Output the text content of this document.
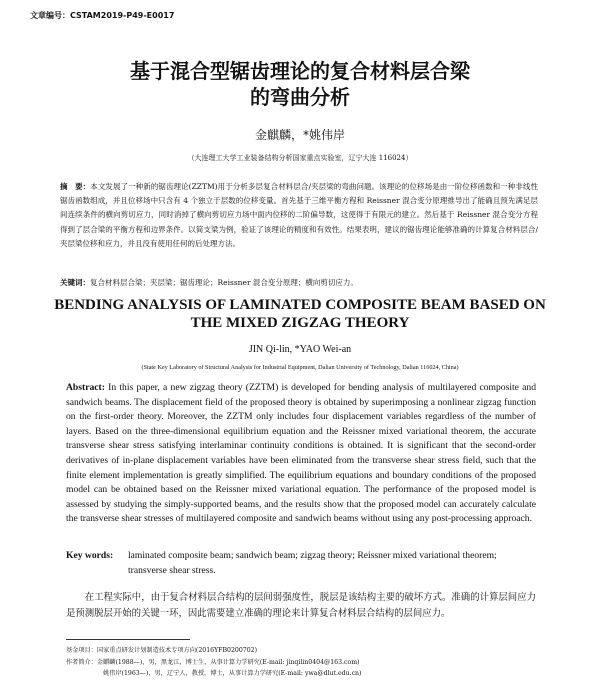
文章编号：CSTAM2019-P49-E0017
基于混合型锯齿理论的复合材料层合梁
的弯曲分析
金麒麟，*姚伟岸
（大连理工大学工业装备结构分析国家重点实验室，辽宁大连 116024）
摘　要：本文发展了一种新的锯齿理论(ZZTM)用于分析多层复合材料层合/夹层梁的弯曲问题。该理论的位移场是由一阶位移函数和一种非线性锯齿函数组成，并且位移场中只含有 4 个独立于层数的位移变量。首先基于三维平衡方程和 Reissner 混合变分原理推导出了能确且预先满足层间连续条件的横向剪切应力，同时消掉了横向剪切应力场中面内位移的二阶偏导数，这使得于有限元的建立。然后基于 Reissner 混合变分方程得到了层合梁的平衡方程和边界条件。以简支梁为例，验证了该理论的精度和有效性。结果表明，建议的锯齿理论能够准确的计算复合材料层合/夹层梁位移和应力，并且没有使用任何的后处理方法。
关键词：复合材料层合梁；夹层梁；锯齿理论；Reissner 混合变分原理；横向剪切应力。
BENDING ANALYSIS OF LAMINATED COMPOSITE BEAM BASED ON
THE MIXED ZIGZAG THEORY
JIN Qi-lin, *YAO Wei-an
(State Key Laboratory of Structural Analysis for Industrial Equipment, Dalian University of Technology, Dalian 116024, China)
Abstract: In this paper, a new zigzag theory (ZZTM) is developed for bending analysis of multilayered composite and sandwich beams. The displacement field of the proposed theory is obtained by superimposing a nonlinear zigzag function on the first-order theory. Moreover, the ZZTM only includes four displacement variables regardless of the number of layers. Based on the three-dimensional equilibrium equation and the Reissner mixed variational theorem, the accurate transverse shear stress satisfying interlaminar continuity conditions is obtained. It is significant that the second-order derivatives of in-plane displacement variables have been eliminated from the transverse shear stress field, such that the finite element implementation is greatly simplified. The equilibrium equations and boundary conditions of the proposed model can be obtained based on the Reissner mixed variational equation. The performance of the proposed model is assessed by studying the simply-supported beams, and the results show that the proposed model can accurately calculate the transverse shear stresses of multilayered composite and sandwich beams without using any post-processing approach.
Key words: laminated composite beam; sandwich beam; zigzag theory; Reissner mixed variational theorem; transverse shear stress.
在工程实际中，由于复合材料层合结构的层间弱强度性，脱层是该结构主要的破坏方式。准确的计算层间应力是预测脱层开始的关键一环，因此需要建立准确的理论来计算复合材料层合结构的层间应力。
基金项目：国家重点研发计划制造技术专项方向(2016YFB0200702)
作者简介：金麒麟(1988—)，男，黑龙江，博士生，从事计算力学研究(E-mail: jinqilin0404@163.com)
姚伟岸(1963—)，男，辽宁人，教授，博士，从事计算力学研究(E-mail: ywa@dlut.edu.cn)
